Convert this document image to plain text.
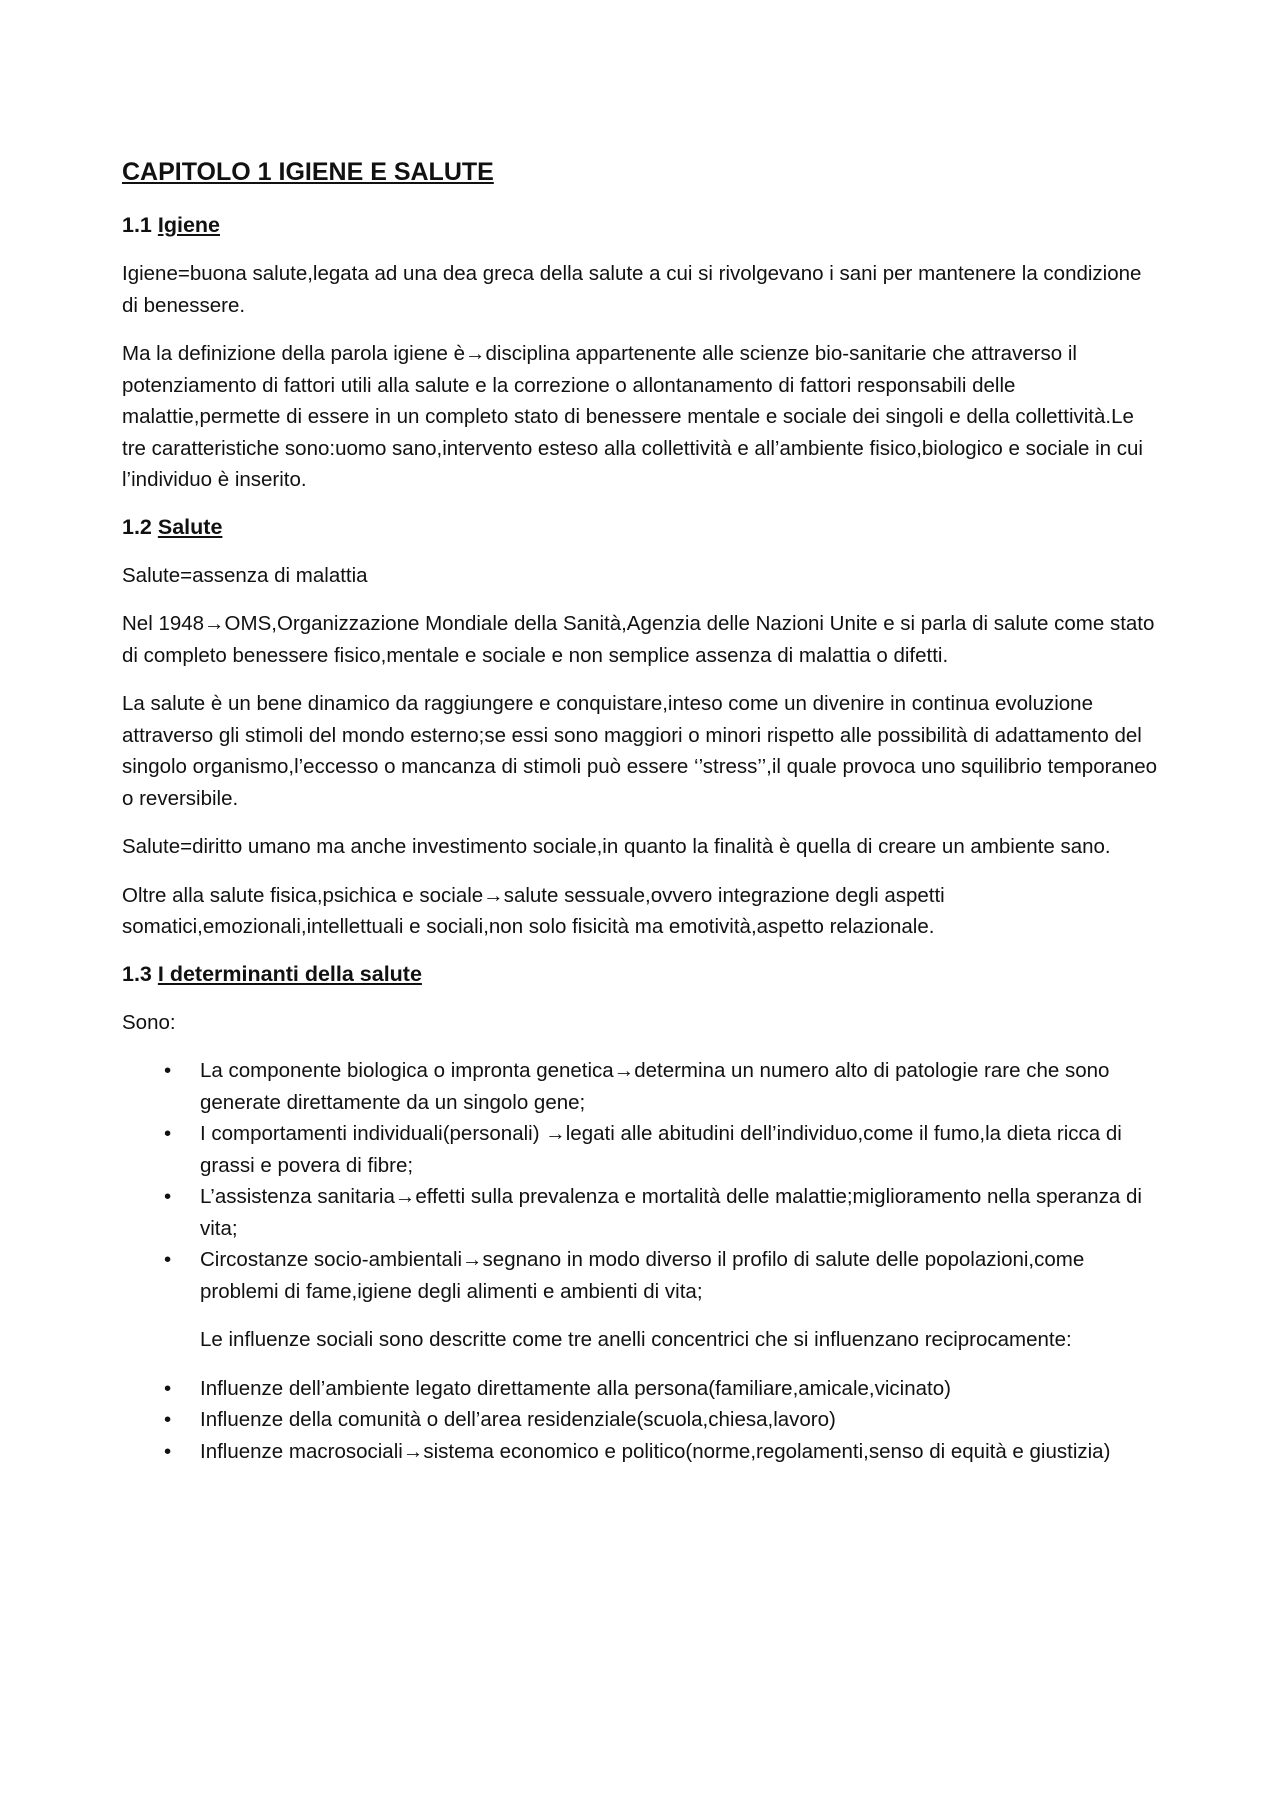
CAPITOLO 1 IGIENE E SALUTE
1.1 Igiene

Igiene=buona salute,legata ad una dea greca della salute a cui si rivolgevano i sani per mantenere la condizione di benessere.

Ma la definizione della parola igiene è→disciplina appartenente alle scienze bio-sanitarie che attraverso il potenziamento di fattori utili alla salute e la correzione o allontanamento di fattori responsabili delle malattie,permette di essere in un completo stato di benessere mentale e sociale dei singoli e della collettività.Le tre caratteristiche sono:uomo sano,intervento esteso alla collettività e all’ambiente fisico,biologico e sociale in cui l’individuo è inserito.

1.2 Salute

Salute=assenza di malattia

Nel 1948→OMS,Organizzazione Mondiale della Sanità,Agenzia delle Nazioni Unite e si parla di salute come stato di completo benessere fisico,mentale e sociale e non semplice assenza di malattia o difetti.

La salute è un bene dinamico da raggiungere e conquistare,inteso come un divenire in continua evoluzione attraverso gli stimoli del mondo esterno;se essi sono maggiori o minori rispetto alle possibilità di adattamento del singolo organismo,l’eccesso o mancanza di stimoli può essere ‘’stress’’,il quale provoca uno squilibrio temporaneo o reversibile.

Salute=diritto umano ma anche investimento sociale,in quanto la finalità è quella di creare un ambiente sano.

Oltre alla salute fisica,psichica e sociale→salute sessuale,ovvero integrazione degli aspetti somatici,emozionali,intellettuali e sociali,non solo fisicità ma emotività,aspetto relazionale.

1.3 I determinanti della salute

Sono:

• La componente biologica o impronta genetica→determina un numero alto di patologie rare che sono generate direttamente da un singolo gene;
• I comportamenti individuali(personali) →legati alle abitudini dell’individuo,come il fumo,la dieta ricca di grassi e povera di fibre;
• L’assistenza sanitaria→effetti sulla prevalenza e mortalità delle malattie;miglioramento nella speranza di vita;
• Circostanze socio-ambientali→segnano in modo diverso il profilo di salute delle popolazioni,come problemi di fame,igiene degli alimenti e ambienti di vita;

Le influenze sociali sono descritte come tre anelli concentrici che si influenzano reciprocamente:

• Influenze dell’ambiente legato direttamente alla persona(familiare,amicale,vicinato)
• Influenze della comunità o dell’area residenziale(scuola,chiesa,lavoro)
• Influenze macrosociali→sistema economico e politico(norme,regolamenti,senso di equità e giustizia)
